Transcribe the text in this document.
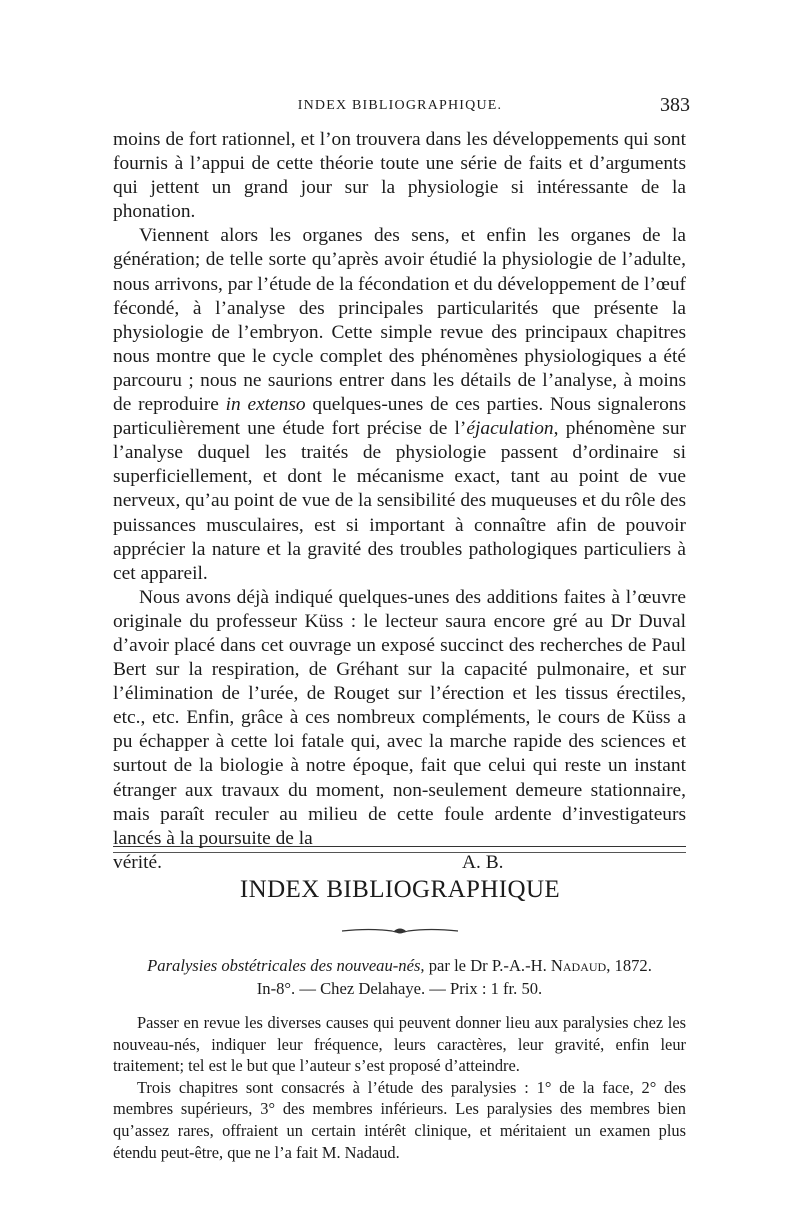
INDEX BIBLIOGRAPHIQUE.	383

moins de fort rationnel, et l’on trouvera dans les développements qui sont fournis à l’appui de cette théorie toute une série de faits et d’arguments qui jettent un grand jour sur la physiologie si intéressante de la phonation.

Viennent alors les organes des sens, et enfin les organes de la génération; de telle sorte qu’après avoir étudié la physiologie de l’adulte, nous arrivons, par l’étude de la fécondation et du développement de l’œuf fécondé, à l’analyse des principales particularités que présente la physiologie de l’embryon. Cette simple revue des principaux chapitres nous montre que le cycle complet des phénomènes physiologiques a été parcouru ; nous ne saurions entrer dans les détails de l’analyse, à moins de reproduire in extenso quelques-unes de ces parties. Nous signalerons particulièrement une étude fort précise de l’éjaculation, phénomène sur l’analyse duquel les traités de physiologie passent d’ordinaire si superficiellement, et dont le mécanisme exact, tant au point de vue nerveux, qu’au point de vue de la sensibilité des muqueuses et du rôle des puissances musculaires, est si important à connaître afin de pouvoir apprécier la nature et la gravité des troubles pathologiques particuliers à cet appareil.

Nous avons déjà indiqué quelques-unes des additions faites à l’œuvre originale du professeur Küss : le lecteur saura encore gré au Dr Duval d’avoir placé dans cet ouvrage un exposé succinct des recherches de Paul Bert sur la respiration, de Gréhant sur la capacité pulmonaire, et sur l’élimination de l’urée, de Rouget sur l’érection et les tissus érectiles, etc., etc. Enfin, grâce à ces nombreux compléments, le cours de Küss a pu échapper à cette loi fatale qui, avec la marche rapide des sciences et surtout de la biologie à notre époque, fait que celui qui reste un instant étranger aux travaux du moment, non-seulement demeure stationnaire, mais paraît reculer au milieu de cette foule ardente d’investigateurs lancés à la poursuite de la

vérité.	A. B.

INDEX BIBLIOGRAPHIQUE
Paralysies obstétricales des nouveau-nés, par le Dr P.-A.-H. Nadaud, 1872.
In-8°. — Chez Delahaye. — Prix : 1 fr. 50.

Passer en revue les diverses causes qui peuvent donner lieu aux paralysies chez les nouveau-nés, indiquer leur fréquence, leurs caractères, leur gravité, enfin leur traitement; tel est le but que l’auteur s’est proposé d’atteindre.

Trois chapitres sont consacrés à l’étude des paralysies : 1° de la face, 2° des membres supérieurs, 3° des membres inférieurs. Les paralysies des membres bien qu’assez rares, offraient un certain intérêt clinique, et méritaient un examen plus étendu peut-être, que ne l’a fait M. Nadaud.
